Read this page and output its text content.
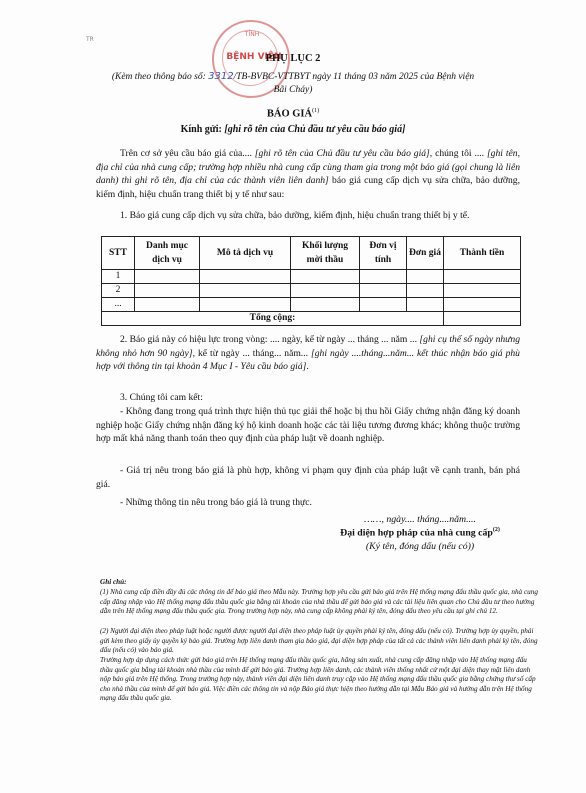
TR
TỈNH
BỆNH VIỆN
PHỤ LỤC 2
(Kèm theo thông báo số: 3312/TB-BVBC-VTTBYT ngày 11 tháng 03 năm 2025 của Bệnh viện
Bãi Cháy)
BÁO GIÁ$^{(1)}$
Kính gửi: [ghi rõ tên của Chủ đầu tư yêu cầu báo giá]
Trên cơ sở yêu cầu báo giá của.... [ghi rõ tên của Chủ đầu tư yêu cầu báo giá], chúng tôi .... [ghi tên, địa chỉ của nhà cung cấp; trường hợp nhiều nhà cung cấp cùng tham gia trong một báo giá (gọi chung là liên danh) thì ghi rõ tên, địa chỉ của các thành viên liên danh] báo giá cung cấp dịch vụ sửa chữa, bảo dưỡng, kiểm định, hiệu chuẩn trang thiết bị y tế như sau:
1. Báo giá cung cấp dịch vụ sửa chữa, bảo dưỡng, kiểm định, hiệu chuẩn trang thiết bị y tế.
STT	Danh mục dịch vụ	Mô tả dịch vụ	Khối lượng mời thầu	Đơn vị tính	Đơn giá	Thành tiền
1						
2						
...						
Tổng cộng:						
2. Báo giá này có hiệu lực trong vòng: .... ngày, kể từ ngày ... tháng ... năm ... [ghi cụ thể số ngày nhưng không nhỏ hơn 90 ngày], kể từ ngày ... tháng... năm... [ghi ngày ....tháng...năm... kết thúc nhận báo giá phù hợp với thông tin tại khoản 4 Mục I - Yêu cầu báo giá].
3. Chúng tôi cam kết:
- Không đang trong quá trình thực hiện thủ tục giải thể hoặc bị thu hồi Giấy chứng nhận đăng ký doanh nghiệp hoặc Giấy chứng nhận đăng ký hộ kinh doanh hoặc các tài liệu tương đương khác; không thuộc trường hợp mất khả năng thanh toán theo quy định của pháp luật về doanh nghiệp.
- Giá trị nêu trong báo giá là phù hợp, không vi phạm quy định của pháp luật về cạnh tranh, bán phá giá.
- Những thông tin nêu trong báo giá là trung thực.
……, ngày.... tháng....năm....
Đại diện hợp pháp của nhà cung cấp$^{(2)}$
(Ký tên, đóng dấu (nếu có))
Ghi chú:
(1) Nhà cung cấp điền đầy đủ các thông tin để báo giá theo Mẫu này. Trường hợp yêu cầu gửi báo giá trên Hệ thống mạng đấu thầu quốc gia, nhà cung cấp đăng nhập vào Hệ thống mạng đấu thầu quốc gia bằng tài khoản của nhà thầu để gửi báo giá và các tài liệu liên quan cho Chủ đầu tư theo hướng dẫn trên Hệ thống mạng đấu thầu quốc gia. Trong trường hợp này, nhà cung cấp không phải ký tên, đóng dấu theo yêu cầu tại ghi chú 12.
(2) Người đại diện theo pháp luật hoặc người được người đại diện theo pháp luật ủy quyền phải ký tên, đóng dấu (nếu có). Trường hợp ủy quyền, phải gửi kèm theo giấy ủy quyền ký báo giá. Trường hợp liên danh tham gia báo giá, đại diện hợp pháp của tất cả các thành viên liên danh phải ký tên, đóng dấu (nếu có) vào báo giá.
Trường hợp áp dụng cách thức gửi báo giá trên Hệ thống mạng đấu thầu quốc gia, hãng sản xuất, nhà cung cấp đăng nhập vào Hệ thống mạng đấu thầu quốc gia bằng tài khoản nhà thầu của mình để gửi báo giá. Trường hợp liên danh, các thành viên thống nhất cử một đại diện thay mặt liên danh nộp báo giá trên Hệ thống. Trong trường hợp này, thành viên đại diện liên danh truy cập vào Hệ thống mạng đấu thầu quốc gia bằng chứng thư số cấp cho nhà thầu của mình để gửi báo giá. Việc điền các thông tin và nộp Báo giá thực hiện theo hướng dẫn tại Mẫu Báo giá và hướng dẫn trên Hệ thống mạng đấu thầu quốc gia.
